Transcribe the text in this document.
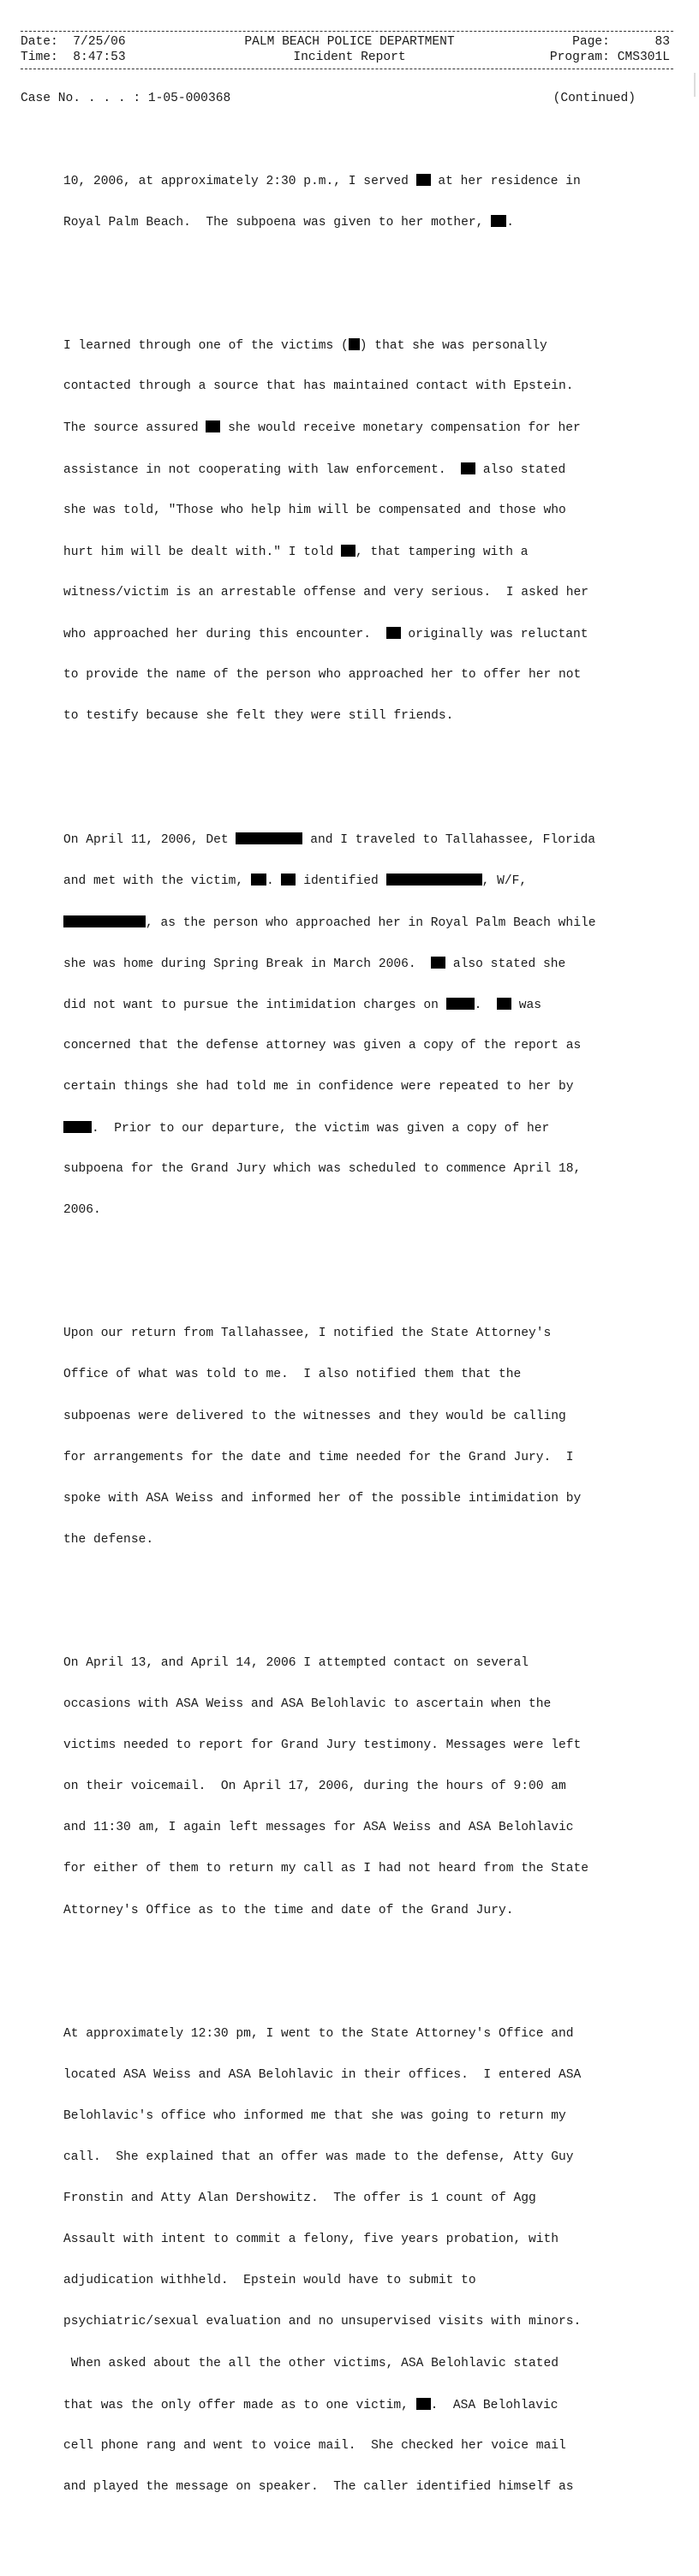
Date:  7/25/06	PALM BEACH POLICE DEPARTMENT	Page:      83
Time:  8:47:53	Incident Report	Program: CMS301L
Case No. . . . : 1-05-000368	(Continued)

10, 2006, at approximately 2:30 p.m., I served  at her residence in

Royal Palm Beach.  The subpoena was given to her mother, .

I learned through one of the victims ( ) that she was personally

contacted through a source that has maintained contact with Epstein.

The source assured  she would receive monetary compensation for her

assistance in not cooperating with law enforcement.   also stated

she was told, "Those who help him will be compensated and those who

hurt him will be dealt with." I told , that tampering with a

witness/victim is an arrestable offense and very serious.  I asked her

who approached her during this encounter.   originally was reluctant

to provide the name of the person who approached her to offer her not

to testify because she felt they were still friends.

On April 11, 2006, Det	and I traveled to Tallahassee, Florida

and met with the victim, .  identified	, W/F,

, as the person who approached her in Royal Palm Beach while

she was home during Spring Break in March 2006.   also stated she

did not want to pursue the intimidation charges on .   was

concerned that the defense attorney was given a copy of the report as

certain things she had told me in confidence were repeated to her by

.  Prior to our departure, the victim was given a copy of her

subpoena for the Grand Jury which was scheduled to commence April 18,

2006.

Upon our return from Tallahassee, I notified the State Attorney's

Office of what was told to me.  I also notified them that the

subpoenas were delivered to the witnesses and they would be calling

for arrangements for the date and time needed for the Grand Jury.  I

spoke with ASA Weiss and informed her of the possible intimidation by

the defense.

On April 13, and April 14, 2006 I attempted contact on several

occasions with ASA Weiss and ASA Belohlavic to ascertain when the

victims needed to report for Grand Jury testimony. Messages were left

on their voicemail.  On April 17, 2006, during the hours of 9:00 am

and 11:30 am, I again left messages for ASA Weiss and ASA Belohlavic

for either of them to return my call as I had not heard from the State

Attorney's Office as to the time and date of the Grand Jury.

At approximately 12:30 pm, I went to the State Attorney's Office and

located ASA Weiss and ASA Belohlavic in their offices.  I entered ASA

Belohlavic's office who informed me that she was going to return my

call.  She explained that an offer was made to the defense, Atty Guy

Fronstin and Atty Alan Dershowitz.  The offer is 1 count of Agg

Assault with intent to commit a felony, five years probation, with

adjudication withheld.  Epstein would have to submit to

psychiatric/sexual evaluation and no unsupervised visits with minors.

When asked about the all the other victims, ASA Belohlavic stated

that was the only offer made as to one victim, .  ASA Belohlavic

cell phone rang and went to voice mail.  She checked her voice mail

and played the message on speaker.  The caller identified himself as
